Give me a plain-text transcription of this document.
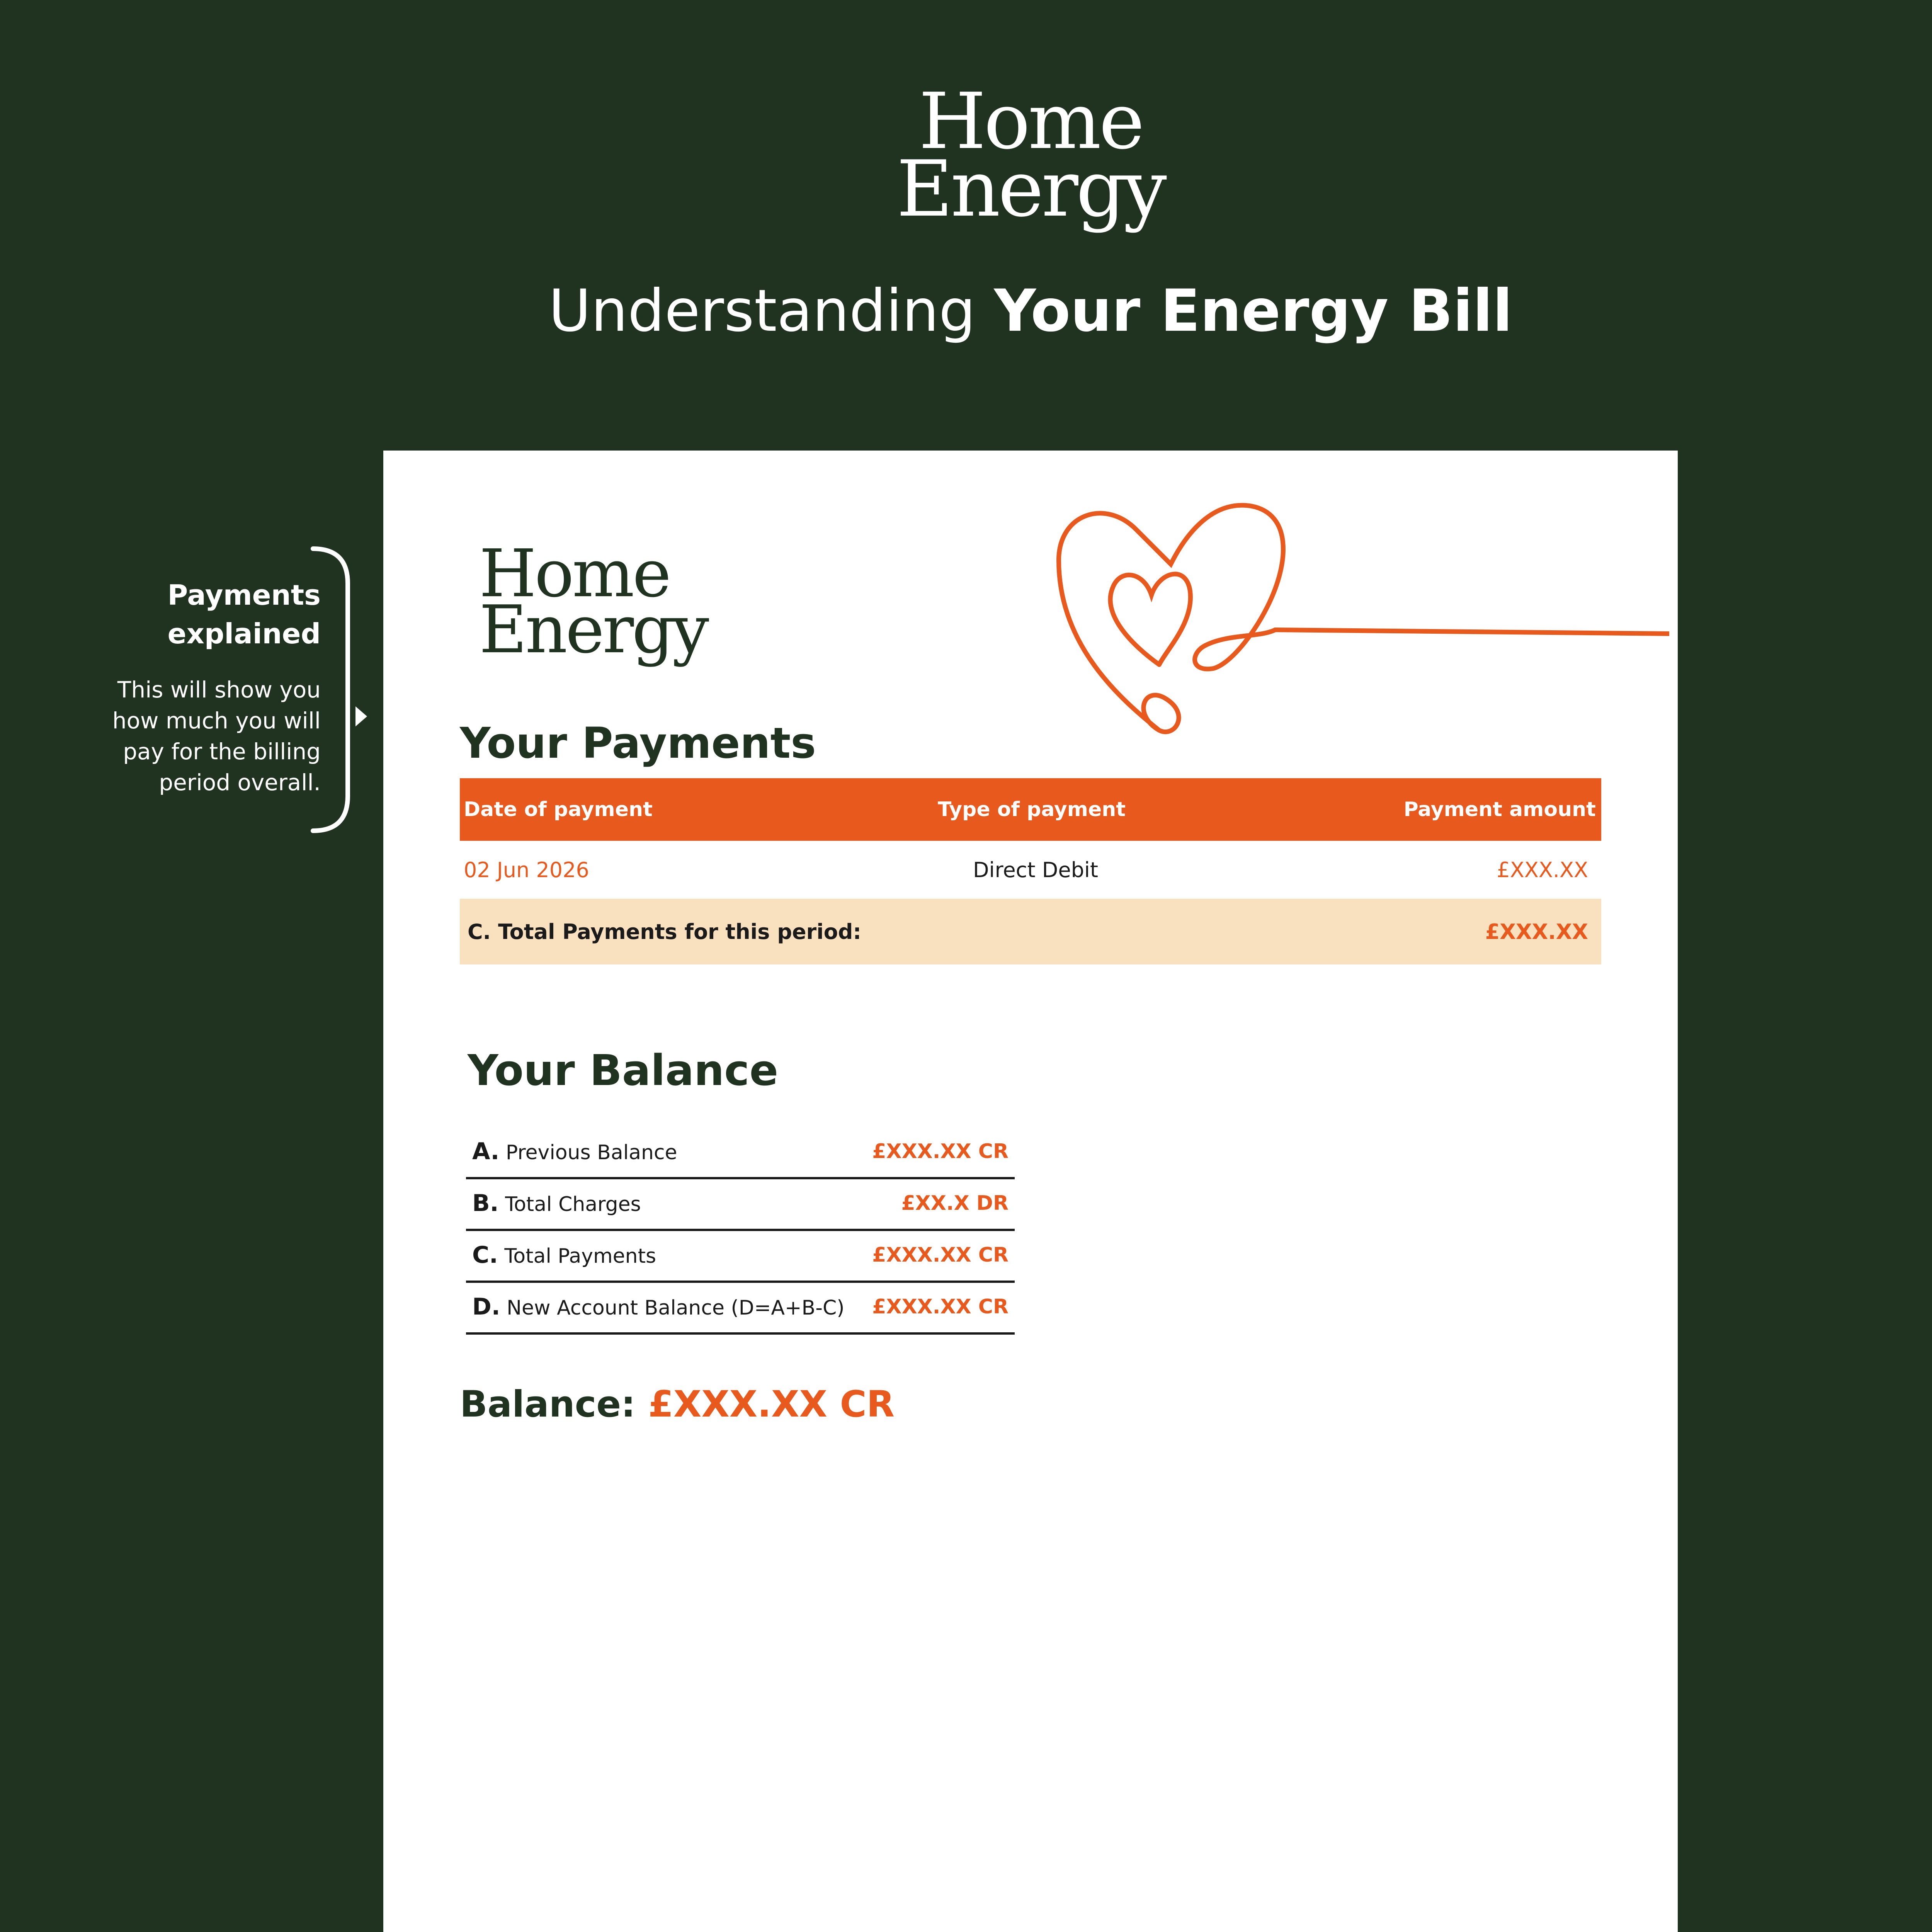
Home
Energy
Understanding Your Energy Bill
Payments
explained
This will show you
how much you will
pay for the billing
period overall.
Home
Energy
Your Payments
Date of payment	Type of payment	Payment amount
02 Jun 2026	Direct Debit	£XXX.XX
C. Total Payments for this period:	£XXX.XX
Your Balance
A. Previous Balance	£XXX.XX CR
B. Total Charges	£XX.X DR
C. Total Payments	£XXX.XX CR
D. New Account Balance (D=A+B-C)	£XXX.XX CR
Balance: £XXX.XX CR
